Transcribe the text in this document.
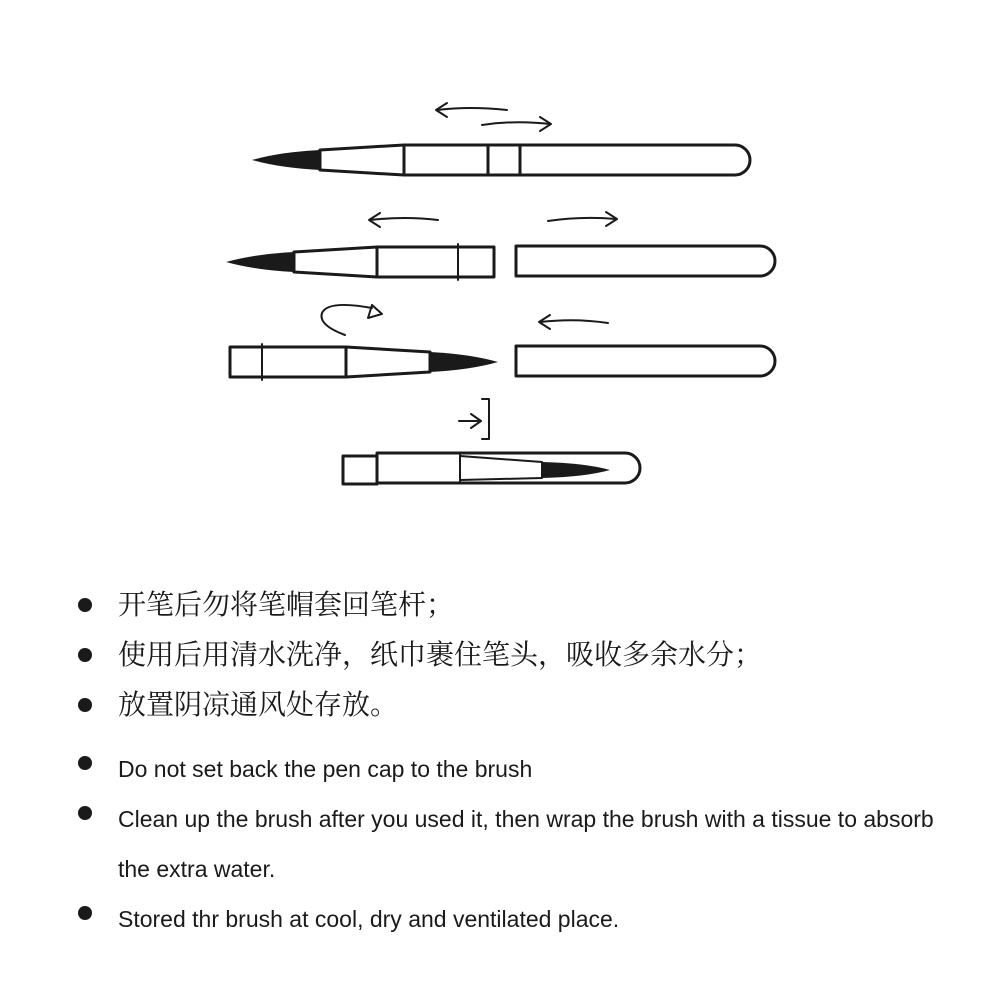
开笔后勿将笔帽套回笔杆；
使用后用清水洗净，纸巾裹住笔头，吸收多余水分；
放置阴凉通风处存放。
Do not set back the pen cap to the brush
Clean up the brush after you used it, then wrap the brush with a tissue to absorb the extra water.
Stored thr brush at cool, dry and ventilated place.
